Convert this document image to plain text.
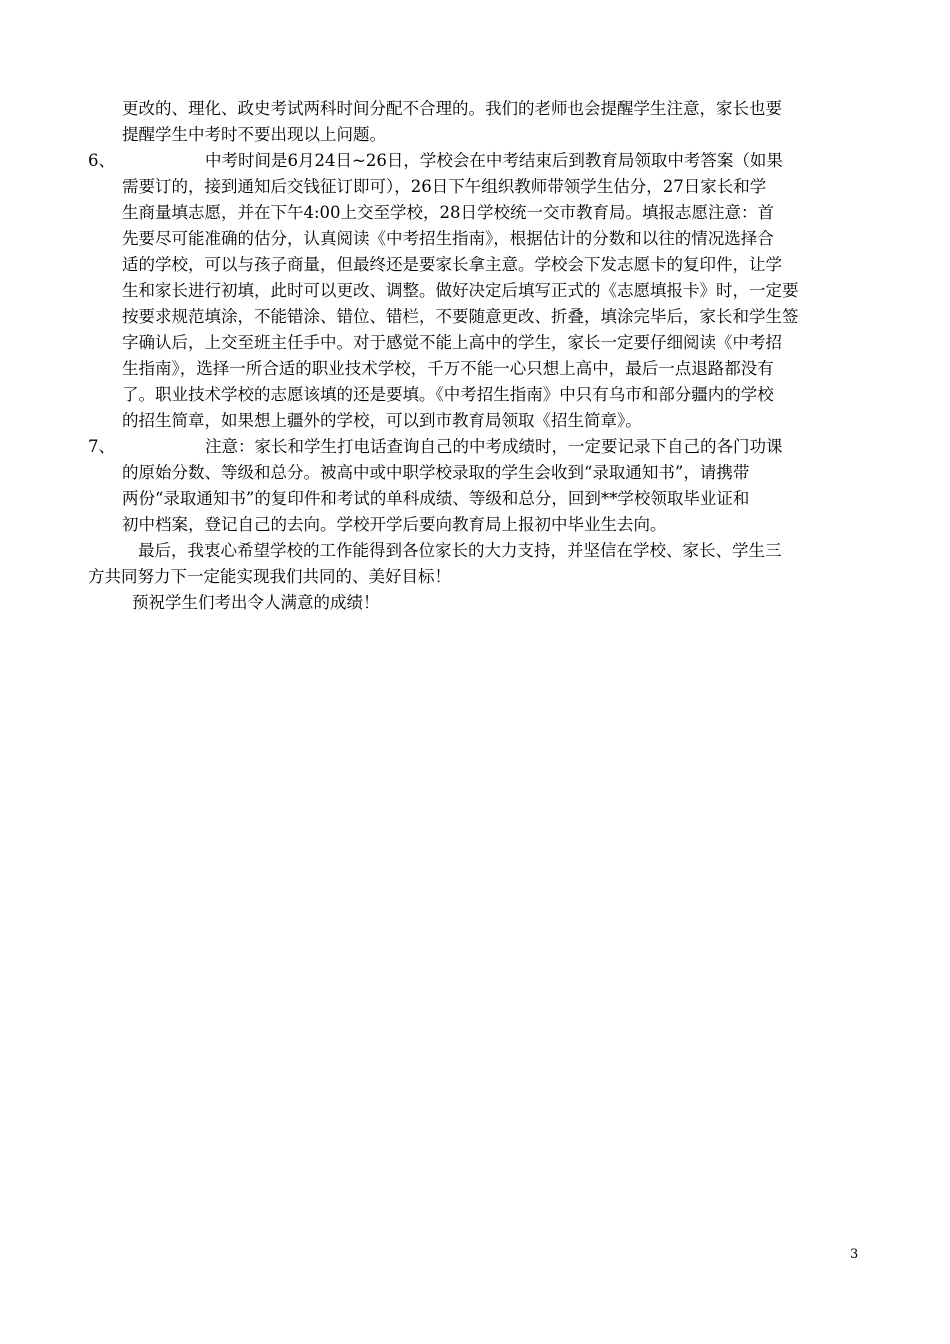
更改的、理化、政史考试两科时间分配不合理的。我们的老师也会提醒学生注意，家长也要
提醒学生中考时不要出现以上问题。
6、	中考时间是6月24日~26日，学校会在中考结束后到教育局领取中考答案（如果
需要订的，接到通知后交钱征订即可），26日下午组织教师带领学生估分，27日家长和学
生商量填志愿，并在下午4:00上交至学校，28日学校统一交市教育局。填报志愿注意：首
先要尽可能准确的估分，认真阅读《中考招生指南》，根据估计的分数和以往的情况选择合
适的学校，可以与孩子商量，但最终还是要家长拿主意。学校会下发志愿卡的复印件，让学
生和家长进行初填，此时可以更改、调整。做好决定后填写正式的《志愿填报卡》时，一定要
按要求规范填涂，不能错涂、错位、错栏，不要随意更改、折叠，填涂完毕后，家长和学生签
字确认后，上交至班主任手中。对于感觉不能上高中的学生，家长一定要仔细阅读《中考招
生指南》，选择一所合适的职业技术学校，千万不能一心只想上高中，最后一点退路都没有
了。职业技术学校的志愿该填的还是要填。《中考招生指南》中只有乌市和部分疆内的学校
的招生简章，如果想上疆外的学校，可以到市教育局领取《招生简章》。
7、	注意：家长和学生打电话查询自己的中考成绩时，一定要记录下自己的各门功课
的原始分数、等级和总分。被高中或中职学校录取的学生会收到“录取通知书”，请携带
两份“录取通知书”的复印件和考试的单科成绩、等级和总分，回到**学校领取毕业证和
初中档案，登记自己的去向。学校开学后要向教育局上报初中毕业生去向。
最后，我衷心希望学校的工作能得到各位家长的大力支持，并坚信在学校、家长、学生三
方共同努力下一定能实现我们共同的、美好目标！
预祝学生们考出令人满意的成绩！
3
